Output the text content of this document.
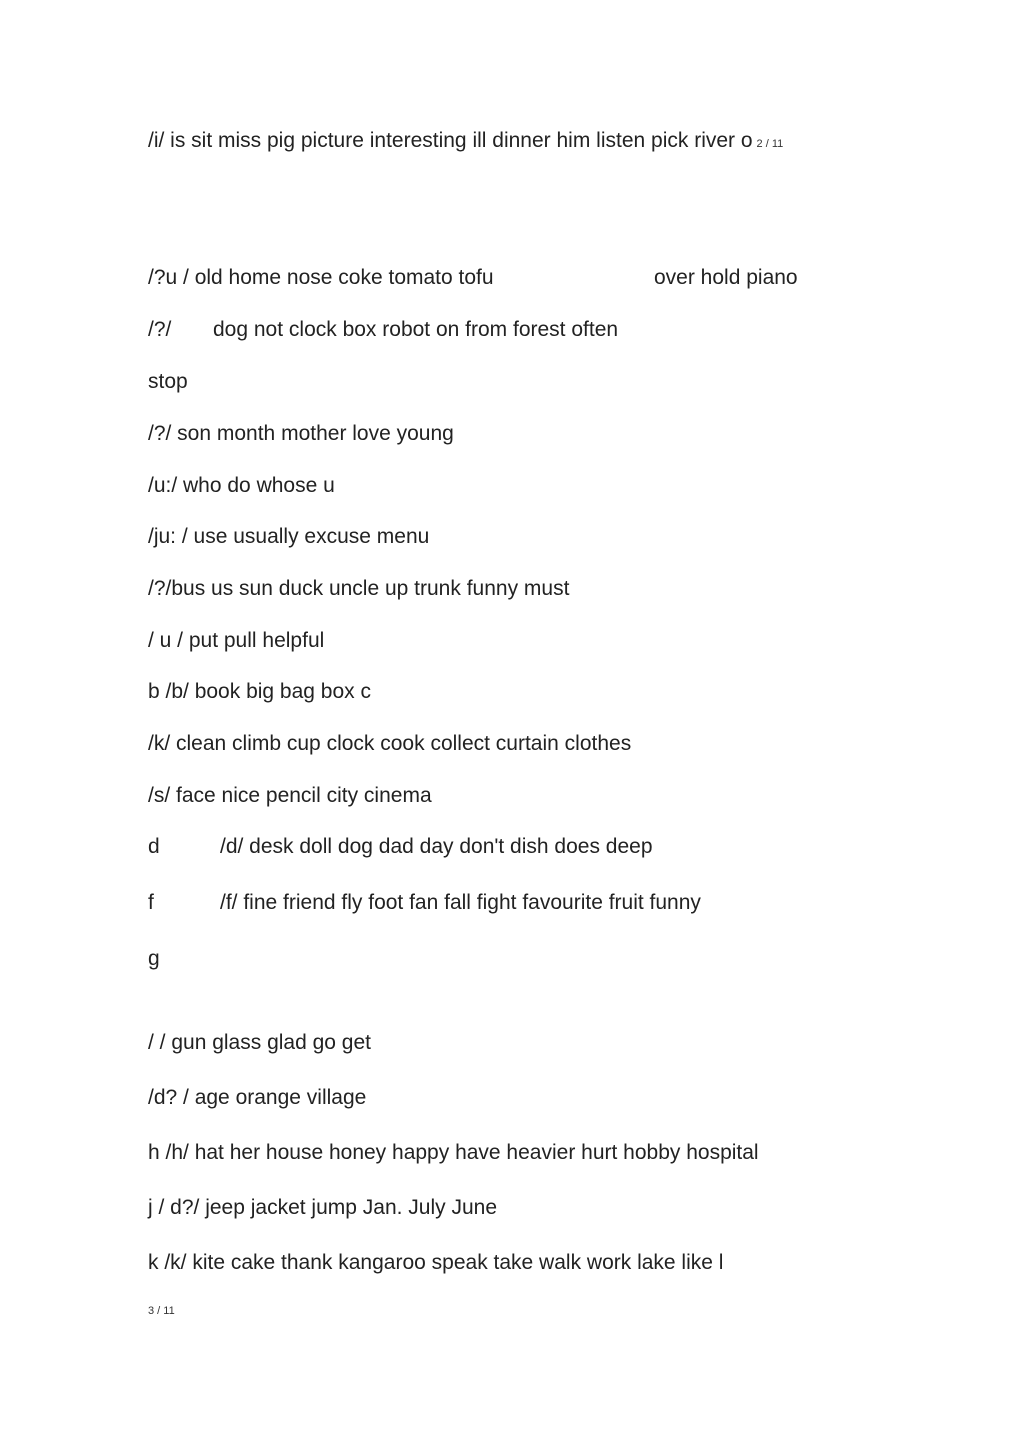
/i/ is sit miss pig picture interesting ill dinner him listen pick river o 2 / 11
/?u / old home nose coke tomato tofu	over hold piano
/?/ dog not clock box robot on from forest often
stop
/?/ son month mother love young
/u:/ who do whose u
/ju: / use usually excuse menu
/?/bus us sun duck uncle up trunk funny must
/ u / put pull helpful
b /b/ book big bag box c
/k/ clean climb cup clock cook collect curtain clothes
/s/ face nice pencil city cinema
d	/d/ desk doll dog dad day don't dish does deep
f	/f/ fine friend fly foot fan fall fight favourite fruit funny
g
/ / gun glass glad go get
/d? / age orange village
h /h/ hat her house honey happy have heavier hurt hobby hospital
j / d?/ jeep jacket jump Jan. July June
k /k/ kite cake thank kangaroo speak take walk work lake like l
3 / 11
